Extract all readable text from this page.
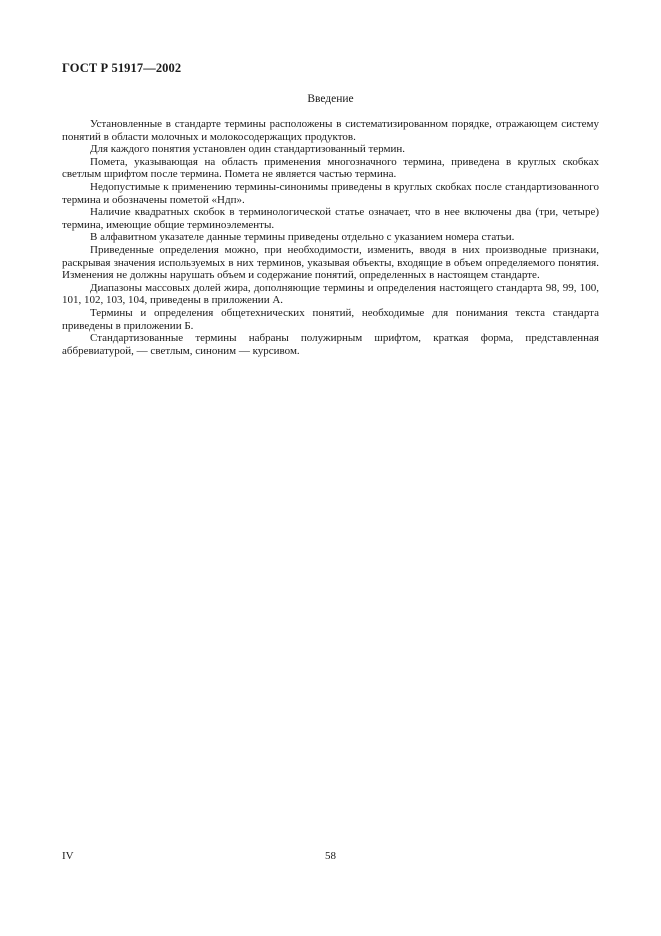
ГОСТ Р 51917—2002
Введение

Установленные в стандарте термины расположены в систематизированном порядке, отражающем систему понятий в области молочных и молокосодержащих продуктов.

Для каждого понятия установлен один стандартизованный термин.

Помета, указывающая на область применения многозначного термина, приведена в круглых скобках светлым шрифтом после термина. Помета не является частью термина.

Недопустимые к применению термины-синонимы приведены в круглых скобках после стандартизованного термина и обозначены пометой «Ндп».

Наличие квадратных скобок в терминологической статье означает, что в нее включены два (три, четыре) термина, имеющие общие терминоэлементы.

В алфавитном указателе данные термины приведены отдельно с указанием номера статьи.

Приведенные определения можно, при необходимости, изменить, вводя в них производные признаки, раскрывая значения используемых в них терминов, указывая объекты, входящие в объем определяемого понятия. Изменения не должны нарушать объем и содержание понятий, определенных в настоящем стандарте.

Диапазоны массовых долей жира, дополняющие термины и определения настоящего стандарта 98, 99, 100, 101, 102, 103, 104, приведены в приложении А.

Термины и определения общетехнических понятий, необходимые для понимания текста стандарта приведены в приложении Б.

Стандартизованные термины набраны полужирным шрифтом, краткая форма, представленная аббревиатурой, — светлым, синоним — курсивом.

IV	58
